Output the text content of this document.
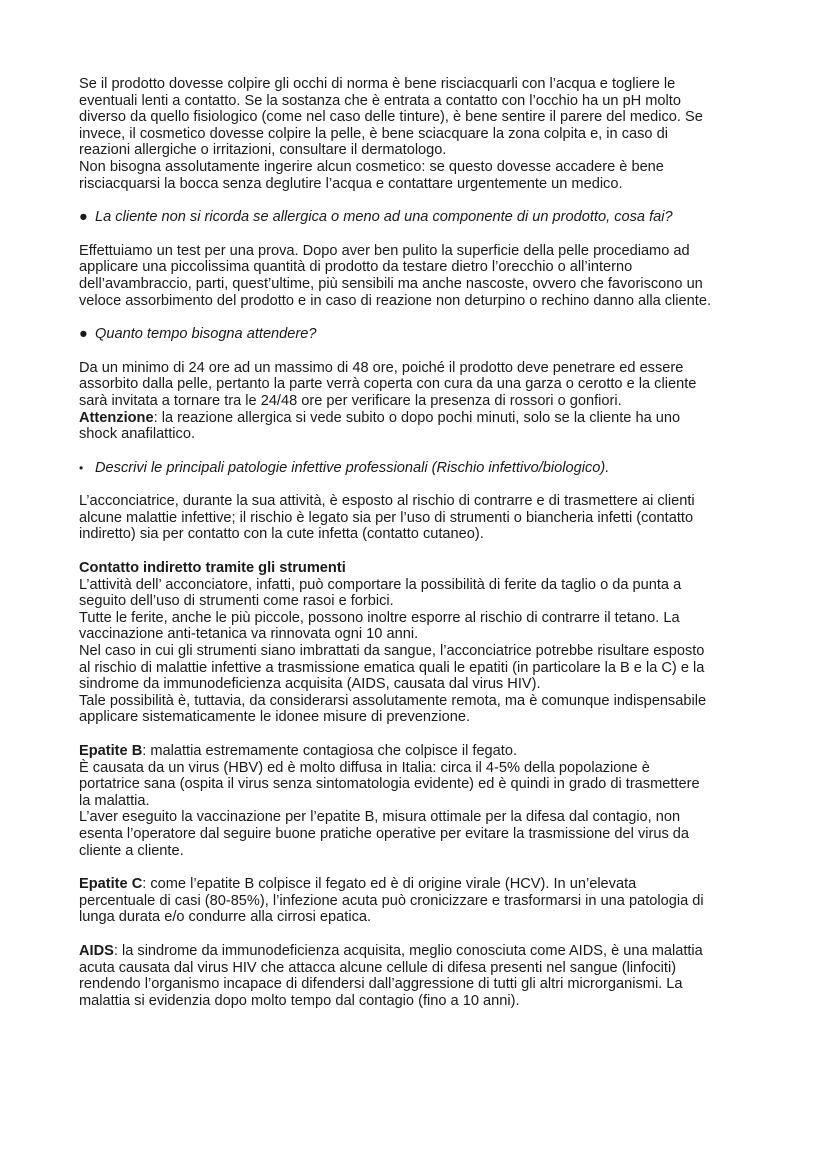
Se il prodotto dovesse colpire gli occhi di norma è bene risciacquarli con l’acqua e togliere le

eventuali lenti a contatto. Se la sostanza che è entrata a contatto con l’occhio ha un pH molto

diverso da quello fisiologico (come nel caso delle tinture), è bene sentire il parere del medico. Se

invece, il cosmetico dovesse colpire la pelle, è bene sciacquare la zona colpita e, in caso di

reazioni allergiche o irritazioni, consultare il dermatologo.

Non bisogna assolutamente ingerire alcun cosmetico: se questo dovesse accadere è bene

risciacquarsi la bocca senza deglutire l’acqua e contattare urgentemente un medico.

● La cliente non si ricorda se allergica o meno ad una componente di un prodotto, cosa fai?

Effettuiamo un test per una prova. Dopo aver ben pulito la superficie della pelle procediamo ad

applicare una piccolissima quantità di prodotto da testare dietro l’orecchio o all’interno

dell’avambraccio, parti, quest’ultime, più sensibili ma anche nascoste, ovvero che favoriscono un

veloce assorbimento del prodotto e in caso di reazione non deturpino o rechino danno alla cliente.

● Quanto tempo bisogna attendere?

Da un minimo di 24 ore ad un massimo di 48 ore, poiché il prodotto deve penetrare ed essere

assorbito dalla pelle, pertanto la parte verrà coperta con cura da una garza o cerotto e la cliente

sarà invitata a tornare tra le 24/48 ore per verificare la presenza di rossori o gonfiori.

Attenzione: la reazione allergica si vede subito o dopo pochi minuti, solo se la cliente ha uno

shock anafilattico.

• Descrivi le principali patologie infettive professionali (Rischio infettivo/biologico).

L’acconciatrice, durante la sua attività, è esposto al rischio di contrarre e di trasmettere ai clienti

alcune malattie infettive; il rischio è legato sia per l’uso di strumenti o biancheria infetti (contatto

indiretto) sia per contatto con la cute infetta (contatto cutaneo).

Contatto indiretto tramite gli strumenti

L’attività dell’ acconciatore, infatti, può comportare la possibilità di ferite da taglio o da punta a

seguito dell’uso di strumenti come rasoi e forbici.

Tutte le ferite, anche le più piccole, possono inoltre esporre al rischio di contrarre il tetano. La

vaccinazione anti-tetanica va rinnovata ogni 10 anni.

Nel caso in cui gli strumenti siano imbrattati da sangue, l’acconciatrice potrebbe risultare esposto

al rischio di malattie infettive a trasmissione ematica quali le epatiti (in particolare la B e la C) e la

sindrome da immunodeficienza acquisita (AIDS, causata dal virus HIV).

Tale possibilità è, tuttavia, da considerarsi assolutamente remota, ma è comunque indispensabile

applicare sistematicamente le idonee misure di prevenzione.

Epatite B: malattia estremamente contagiosa che colpisce il fegato.

È causata da un virus (HBV) ed è molto diffusa in Italia: circa il 4-5% della popolazione è

portatrice sana (ospita il virus senza sintomatologia evidente) ed è quindi in grado di trasmettere

la malattia.

L’aver eseguito la vaccinazione per l’epatite B, misura ottimale per la difesa dal contagio, non

esenta l’operatore dal seguire buone pratiche operative per evitare la trasmissione del virus da

cliente a cliente.

Epatite C: come l’epatite B colpisce il fegato ed è di origine virale (HCV). In un’elevata

percentuale di casi (80-85%), l’infezione acuta può cronicizzare e trasformarsi in una patologia di

lunga durata e/o condurre alla cirrosi epatica.

AIDS: la sindrome da immunodeficienza acquisita, meglio conosciuta come AIDS, è una malattia

acuta causata dal virus HIV che attacca alcune cellule di difesa presenti nel sangue (linfociti)

rendendo l’organismo incapace di difendersi dall’aggressione di tutti gli altri microrganismi. La

malattia si evidenzia dopo molto tempo dal contagio (fino a 10 anni).
